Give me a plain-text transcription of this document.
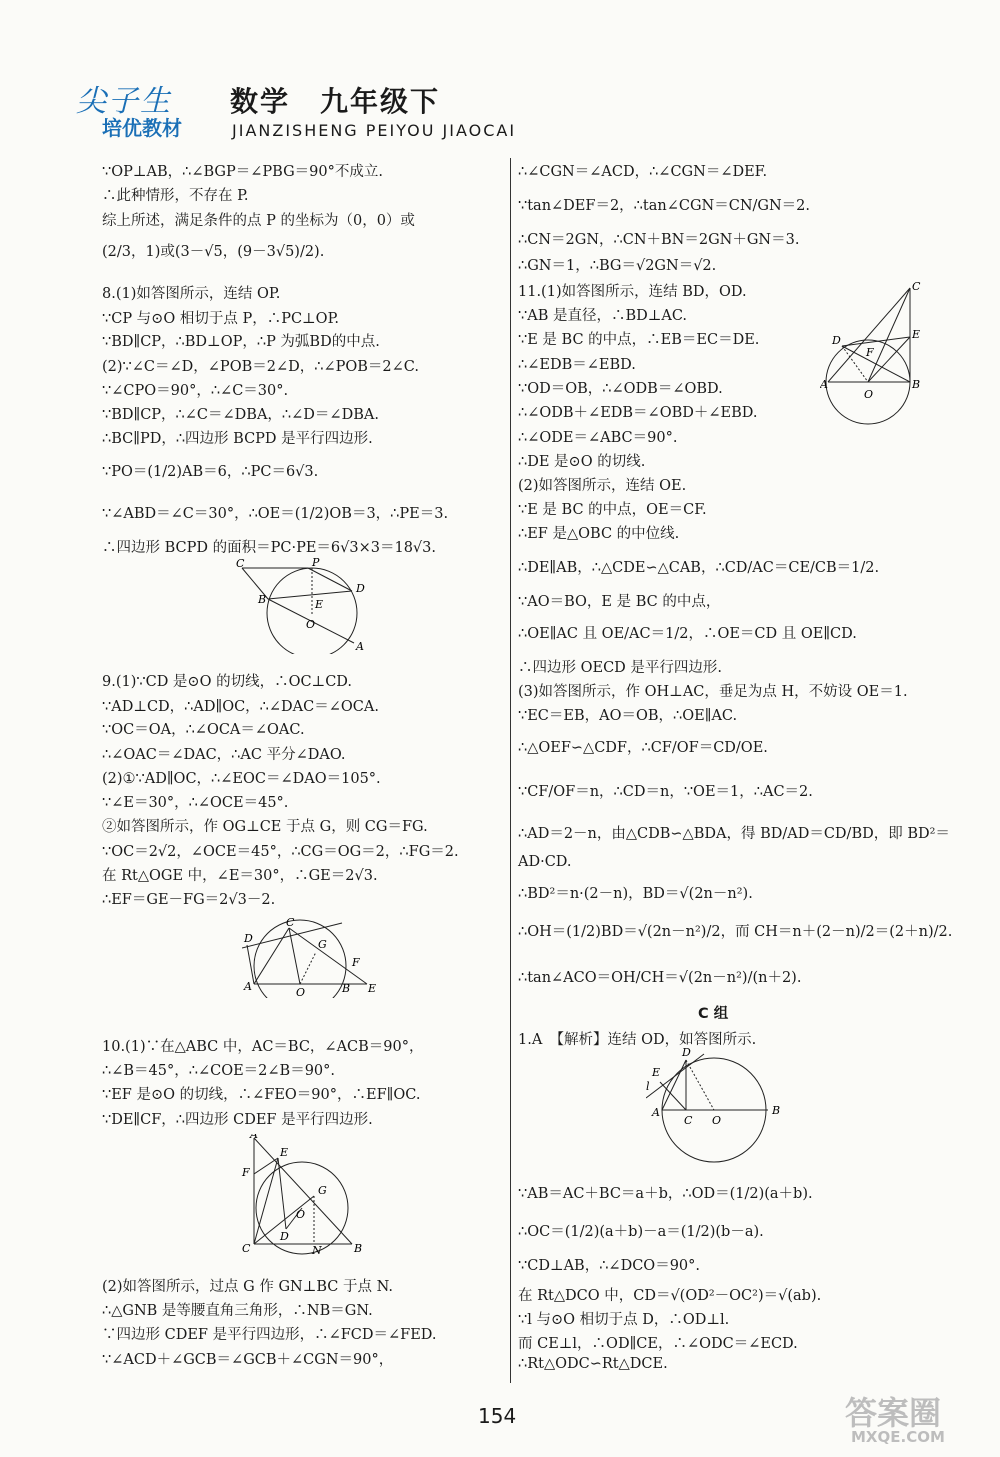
尖子生
培优教材
数学　九年级下
JIANZISHENG PEIYOU JIAOCAI
∵OP⊥AB，∴∠BGP＝∠PBG＝90°不成立.
∴此种情形，不存在 P.
综上所述，满足条件的点 P 的坐标为（0，0）或
(2/3，1)或(3－√5，(9－3√5)/2).
8.(1)如答图所示，连结 OP.
∵CP 与⊙O 相切于点 P，∴PC⊥OP.
∵BD∥CP，∴BD⊥OP，∴P 为弧BD的中点.
(2)∵∠C＝∠D，∠POB＝2∠D，∴∠POB＝2∠C.
∵∠CPO＝90°，∴∠C＝30°.
∵BD∥CP，∴∠C＝∠DBA，∴∠D＝∠DBA.
∴BC∥PD，∴四边形 BCPD 是平行四边形.
∵PO＝(1/2)AB＝6，∴PC＝6√3.
∵∠ABD＝∠C＝30°，∴OE＝(1/2)OB＝3，∴PE＝3.
∴四边形 BCPD 的面积＝PC·PE＝6√3×3＝18√3.
C	P
D
B	E
O
A
9.(1)∵CD 是⊙O 的切线，∴OC⊥CD.
∵AD⊥CD，∴AD∥OC，∴∠DAC＝∠OCA.
∵OC＝OA，∴∠OCA＝∠OAC.
∴∠OAC＝∠DAC，∴AC 平分∠DAO.
(2)①∵AD∥OC，∴∠EOC＝∠DAO＝105°.
∵∠E＝30°，∴∠OCE＝45°.
②如答图所示，作 OG⊥CE 于点 G，则 CG＝FG.
∵OC＝2√2，∠OCE＝45°，∴CG＝OG＝2，∴FG＝2.
在 Rt△OGE 中，∠E＝30°，∴GE＝2√3.
∴EF＝GE－FG＝2√3－2.
D
C
G
F
A	O	B E
10.(1)∵在△ABC 中，AC＝BC，∠ACB＝90°，
∴∠B＝45°，∴∠COE＝2∠B＝90°.
∵EF 是⊙O 的切线，∴∠FEO＝90°，∴EF∥OC.
∵DE∥CF，∴四边形 CDEF 是平行四边形.
A
E
F
G
O
C
D
N	B
(2)如答图所示，过点 G 作 GN⊥BC 于点 N.
∴△GNB 是等腰直角三角形，∴NB＝GN.
∵四边形 CDEF 是平行四边形，∴∠FCD＝∠FED.
∵∠ACD＋∠GCB＝∠GCB＋∠CGN＝90°，
∴∠CGN＝∠ACD，∴∠CGN＝∠DEF.
∵tan∠DEF＝2，∴tan∠CGN＝CN/GN＝2.
∴CN＝2GN，∴CN＋BN＝2GN＋GN＝3.
∴GN＝1，∴BG＝√2GN＝√2.
11.(1)如答图所示，连结 BD，OD.
∵AB 是直径，∴BD⊥AC.
∵E 是 BC 的中点，∴EB＝EC＝DE.
∴∠EDB＝∠EBD.
∵OD＝OB，∴∠ODB＝∠OBD.
∴∠ODB＋∠EDB＝∠OBD＋∠EBD.
∴∠ODE＝∠ABC＝90°.
∴DE 是⊙O 的切线.
(2)如答图所示，连结 OE.
∵E 是 BC 的中点，OE＝CF.
∴EF 是△OBC 的中位线.
∴DE∥AB，∴△CDE∽△CAB，∴CD/AC＝CE/CB＝1/2.
∵AO＝BO，E 是 BC 的中点，
∴OE∥AC 且 OE/AC＝1/2，∴OE＝CD 且 OE∥CD.
∴四边形 OECD 是平行四边形.
(3)如答图所示，作 OH⊥AC，垂足为点 H，不妨设 OE＝1.
∵EC＝EB，AO＝OB，∴OE∥AC.
∴△OEF∽△CDF，∴CF/OF＝CD/OE.
∵CF/OF＝n，∴CD＝n，∵OE＝1，∴AC＝2.
∴AD＝2－n，由△CDB∽△BDA，得 BD/AD＝CD/BD，即 BD²＝
AD·CD.
∴BD²＝n·(2－n)，BD＝√(2n－n²).
∴OH＝(1/2)BD＝√(2n－n²)/2，而 CH＝n＋(2－n)/2＝(2＋n)/2.
∴tan∠ACO＝OH/CH＝√(2n－n²)/(n＋2).
C 组
1.A　【解析】连结 OD，如答图所示.
D
l
E
A
C O
B
∵AB＝AC＋BC＝a＋b，∴OD＝(1/2)(a＋b).
∴OC＝(1/2)(a＋b)－a＝(1/2)(b－a).
∵CD⊥AB，∴∠DCO＝90°.
在 Rt△DCO 中，CD＝√(OD²－OC²)＝√(ab).
∵l 与⊙O 相切于点 D，∴OD⊥l.
而 CE⊥l，∴OD∥CE，∴∠ODC＝∠ECD.
∴Rt△ODC∽Rt△DCE.
C
D
F
E
A
O
B
154	答案圈
MXQE.COM
